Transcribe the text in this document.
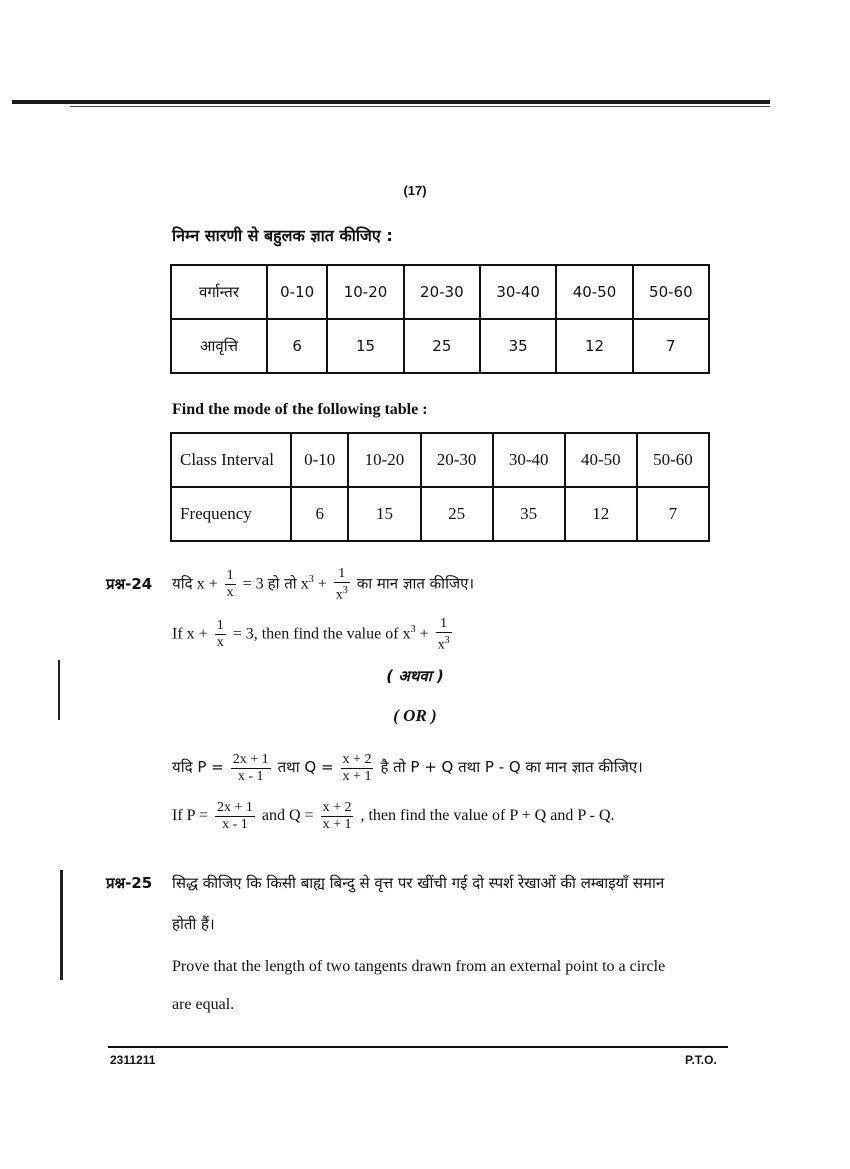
(17)
निम्न सारणी से बहुलक ज्ञात कीजिए :
वर्गान्तर	0-10	10-20	20-30	30-40	40-50	50-60
आवृत्ति	6	15	25	35	12	7
Find the mode of the following table :
Class Interval	0-10	10-20	20-30	30-40	40-50	50-60
Frequency	6	15	25	35	12	7
प्रश्न-24 यदि $x + \frac{1}{x} = 3$ हो तो $x^3 + \frac{1}{x^3}$ का मान ज्ञात कीजिए।
If $x + \frac{1}{x} = 3$, then find the value of $x^3 + \frac{1}{x^3}$
( अथवा )
( OR )
यदि $P = \frac{2x + 1}{x - 1}$ तथा $Q = \frac{x + 2}{x + 1}$ है तो P + Q तथा P - Q का मान ज्ञात कीजिए।
If $P = \frac{2x + 1}{x - 1}$ and $Q = \frac{x + 2}{x + 1}$ , then find the value of P + Q and P - Q.
प्रश्न-25 सिद्ध कीजिए कि किसी बाह्य बिन्दु से वृत्त पर खींची गई दो स्पर्श रेखाओं की लम्बाइयाँ समान
होती हैं।
Prove that the length of two tangents drawn from an external point to a circle
are equal.
2311211	P.T.O.
